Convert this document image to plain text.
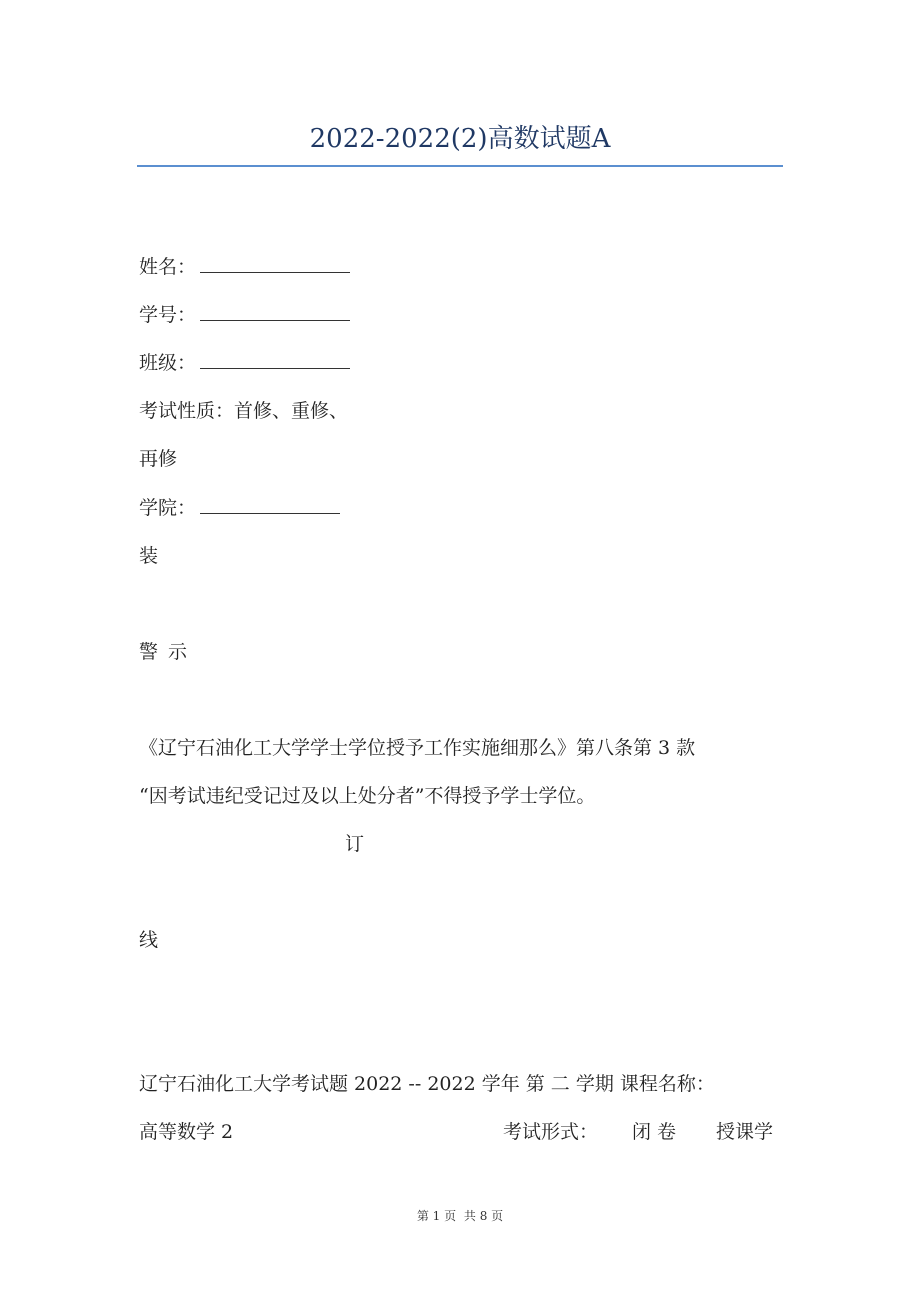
2022-2022(2)高数试题A
姓名：
学号：
班级：
考试性质：首修、重修、
再修
学院：
装
警 示
《辽宁石油化工大学学士学位授予工作实施细那么》第八条第 3 款
“因考试违纪受记过及以上处分者”不得授予学士学位。
订
线
辽宁石油化工大学考试题 2022 -- 2022 学年 第 二 学期 课程名称：
高等数学 2	考试形式： 闭 卷 授课学
第 1 页 共 8 页
